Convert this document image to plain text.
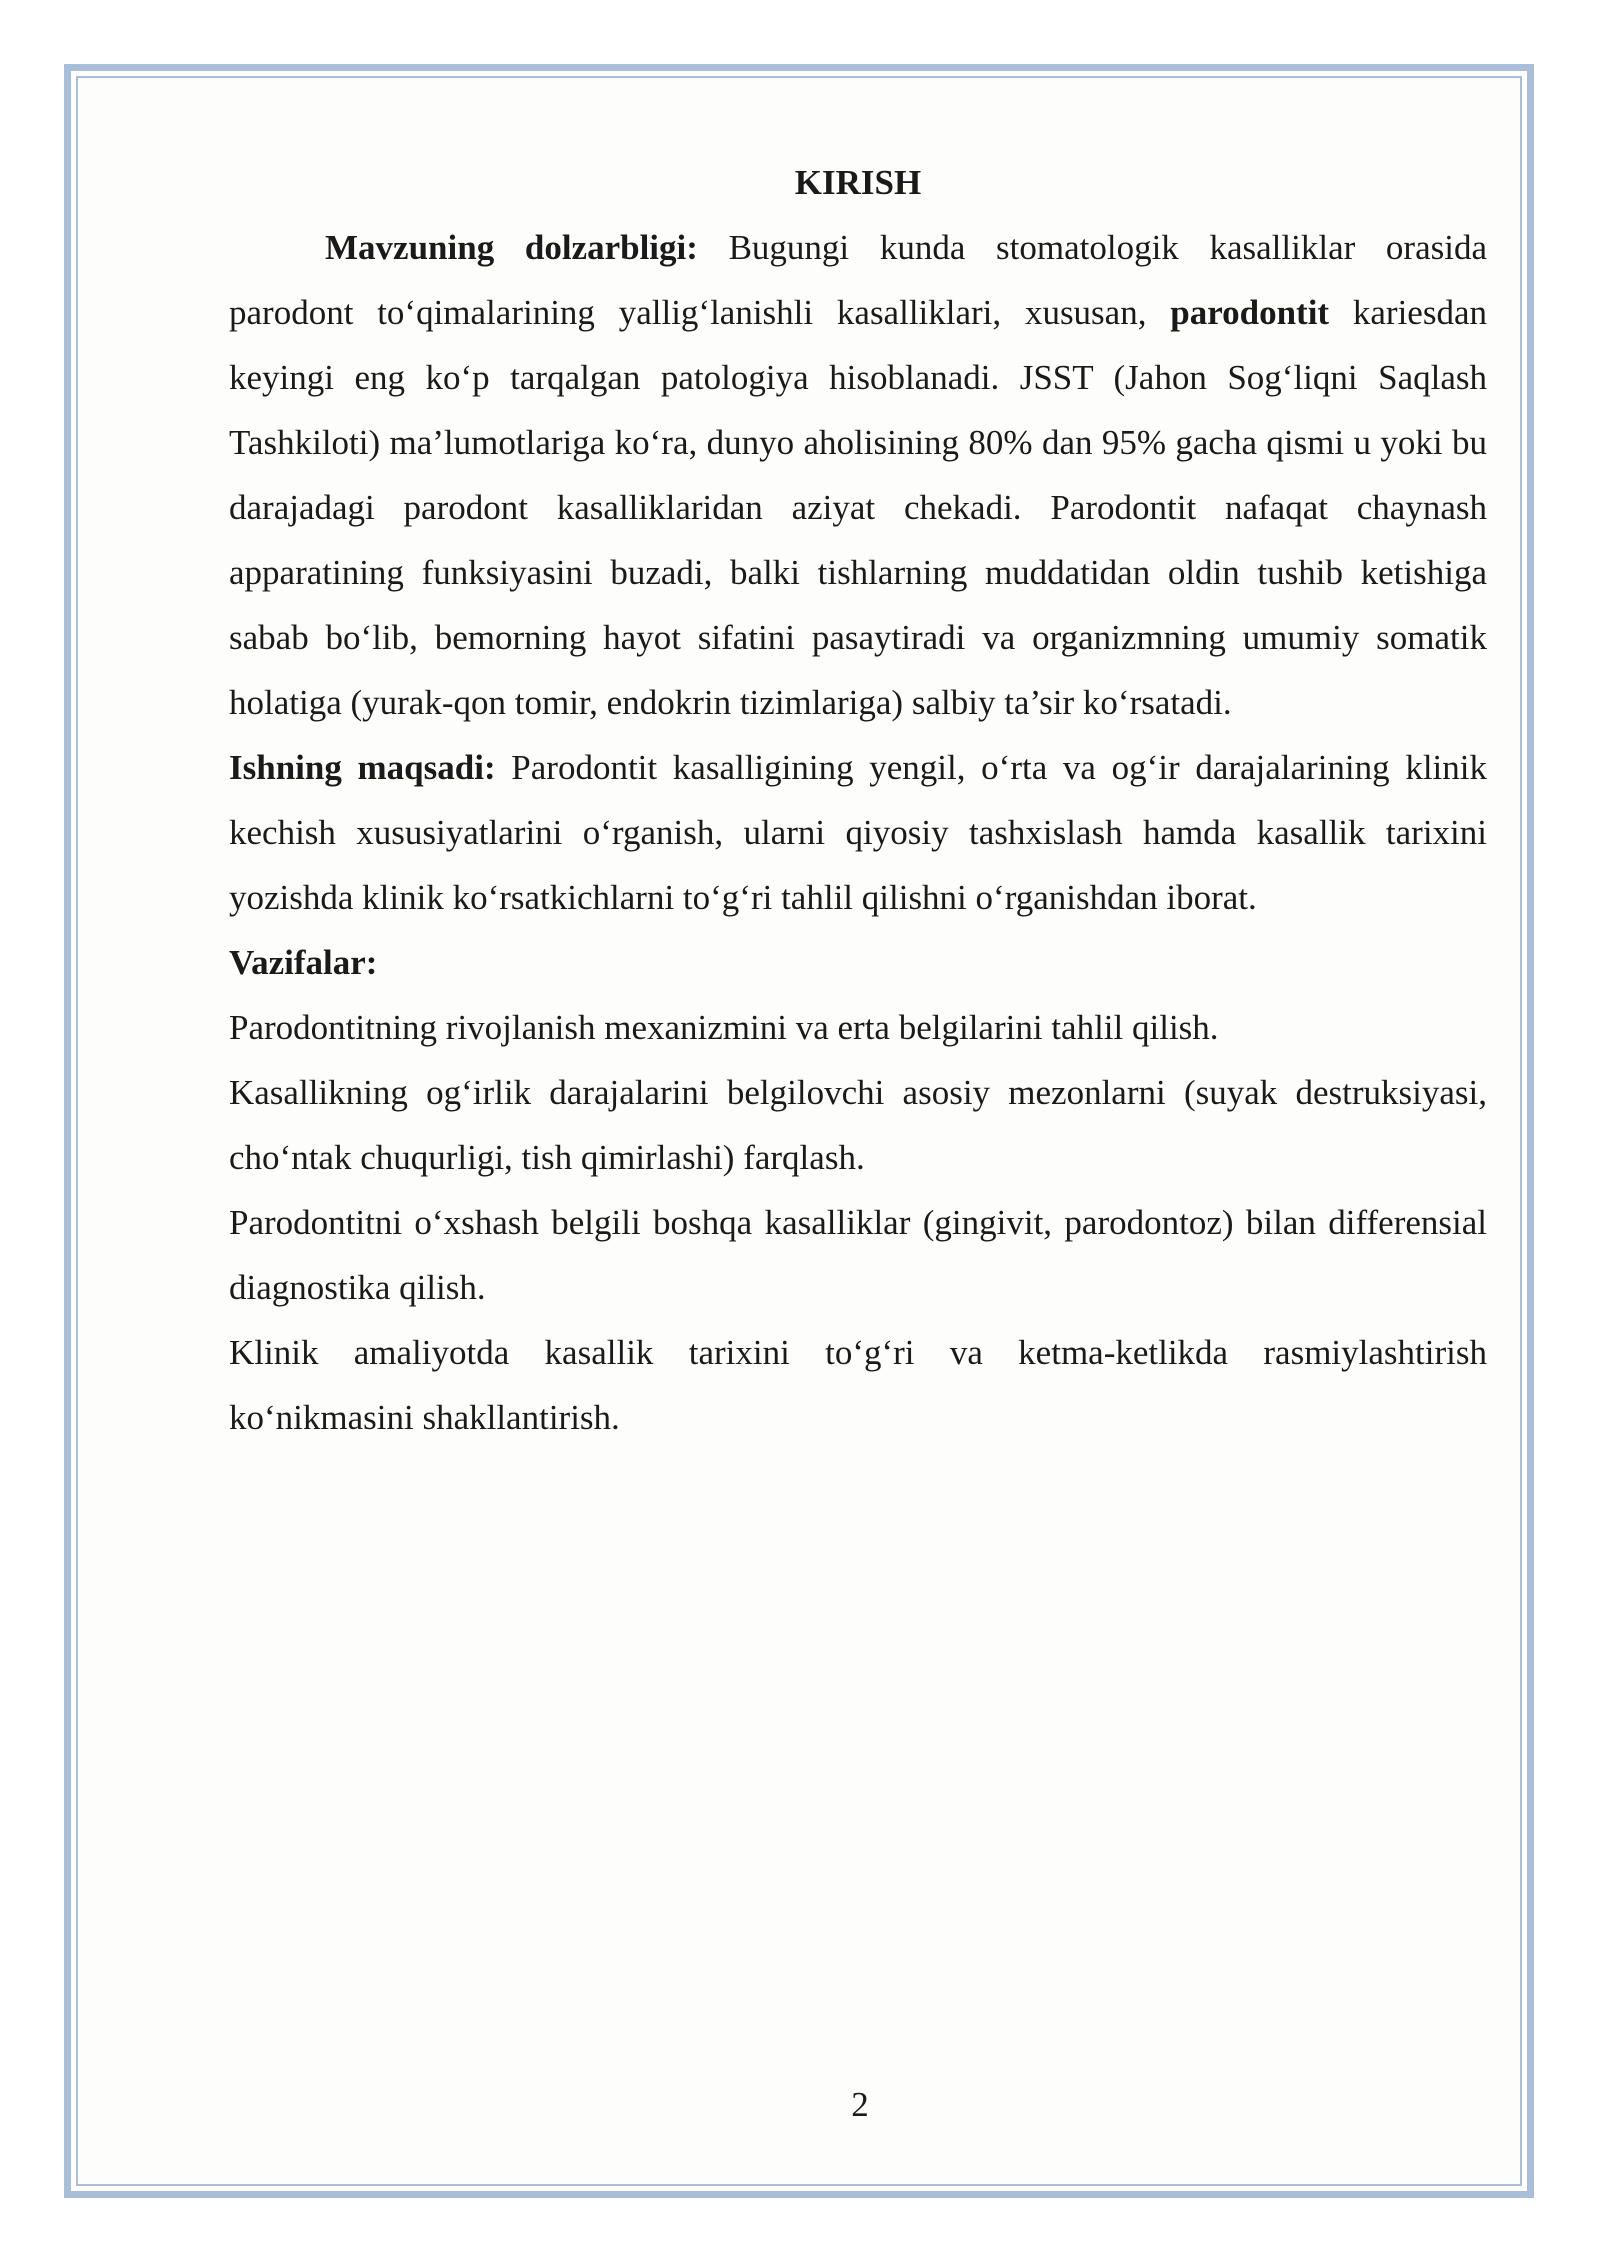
KIRISH

Mavzuning dolzarbligi: Bugungi kunda stomatologik kasalliklar orasida parodont to‘qimalarining yallig‘lanishli kasalliklari, xususan, parodontit kariesdan keyingi eng ko‘p tarqalgan patologiya hisoblanadi. JSST (Jahon Sog‘liqni Saqlash Tashkiloti) ma’lumotlariga ko‘ra, dunyo aholisining 80% dan 95% gacha qismi u yoki bu darajadagi parodont kasalliklaridan aziyat chekadi. Parodontit nafaqat chaynash apparatining funksiyasini buzadi, balki tishlarning muddatidan oldin tushib ketishiga sabab bo‘lib, bemorning hayot sifatini pasaytiradi va organizmning umumiy somatik holatiga (yurak-qon tomir, endokrin tizimlariga) salbiy ta’sir ko‘rsatadi.

Ishning maqsadi: Parodontit kasalligining yengil, o‘rta va og‘ir darajalarining klinik kechish xususiyatlarini o‘rganish, ularni qiyosiy tashxislash hamda kasallik tarixini yozishda klinik ko‘rsatkichlarni to‘g‘ri tahlil qilishni o‘rganishdan iborat.

Vazifalar:

Parodontitning rivojlanish mexanizmini va erta belgilarini tahlil qilish.

Kasallikning og‘irlik darajalarini belgilovchi asosiy mezonlarni (suyak destruksiyasi, cho‘ntak chuqurligi, tish qimirlashi) farqlash.

Parodontitni o‘xshash belgili boshqa kasalliklar (gingivit, parodontoz) bilan differensial diagnostika qilish.

Klinik amaliyotda kasallik tarixini to‘g‘ri va ketma-ketlikda rasmiylashtirish ko‘nikmasini shakllantirish.

2
